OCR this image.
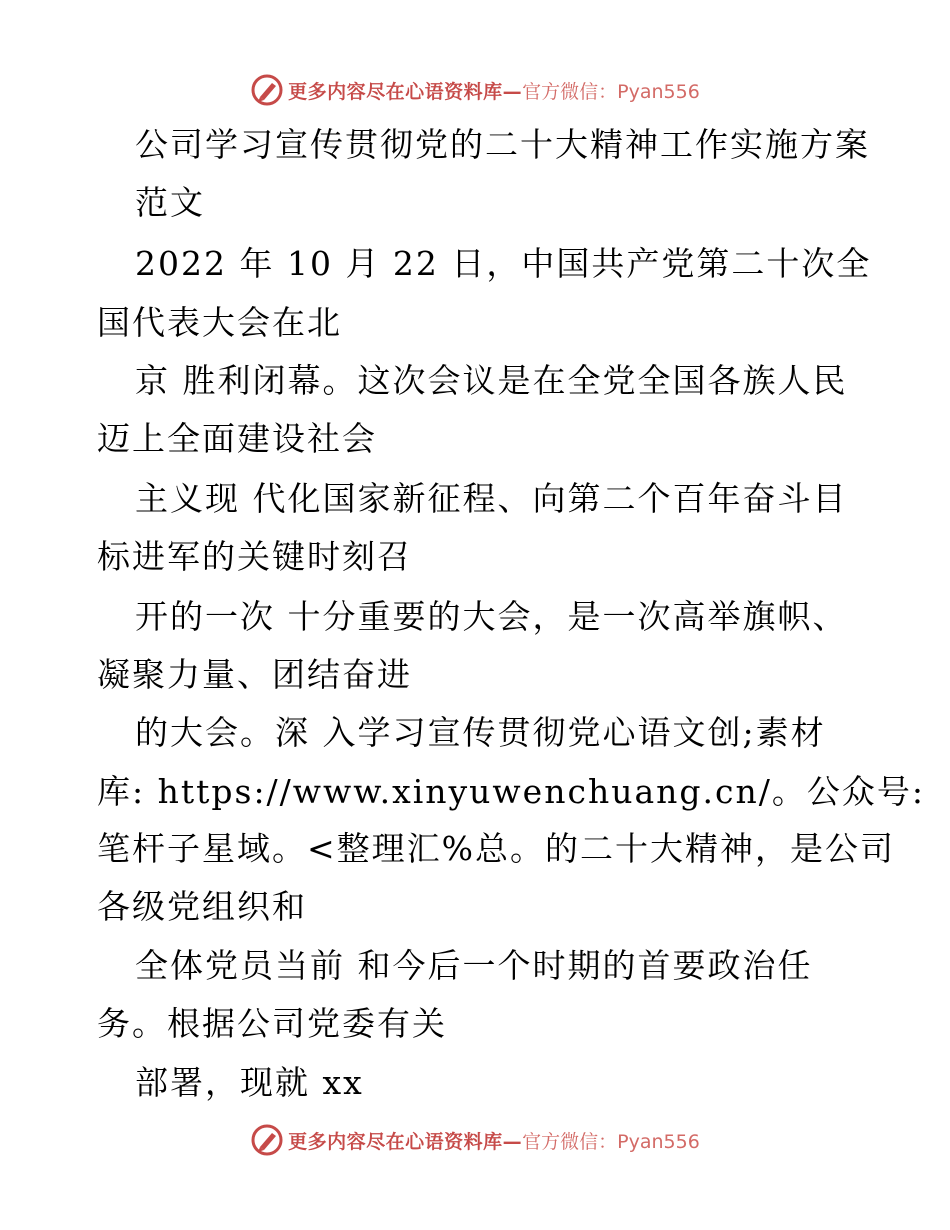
更多内容尽在心语资料库— 官方微信：Pyan556
公司学习宣传贯彻党的二十大精神工作实施方案
范文
2022 年 10 月 22 日，中国共产党第二十次全
国代表大会在北
京 胜利闭幕。这次会议是在全党全国各族人民
迈上全面建设社会
主义现 代化国家新征程、向第二个百年奋斗目
标进军的关键时刻召
开的一次 十分重要的大会，是一次高举旗帜、
凝聚力量、团结奋进
的大会。深 入学习宣传贯彻党心语文创;素材
库: https://www.xinyuwenchuang.cn/。公众号:
笔杆子星域。<整理汇%总。的二十大精神，是公司
各级党组织和
全体党员当前 和今后一个时期的首要政治任
务。根据公司党委有关
部署，现就 xx
更多内容尽在心语资料库— 官方微信：Pyan556
